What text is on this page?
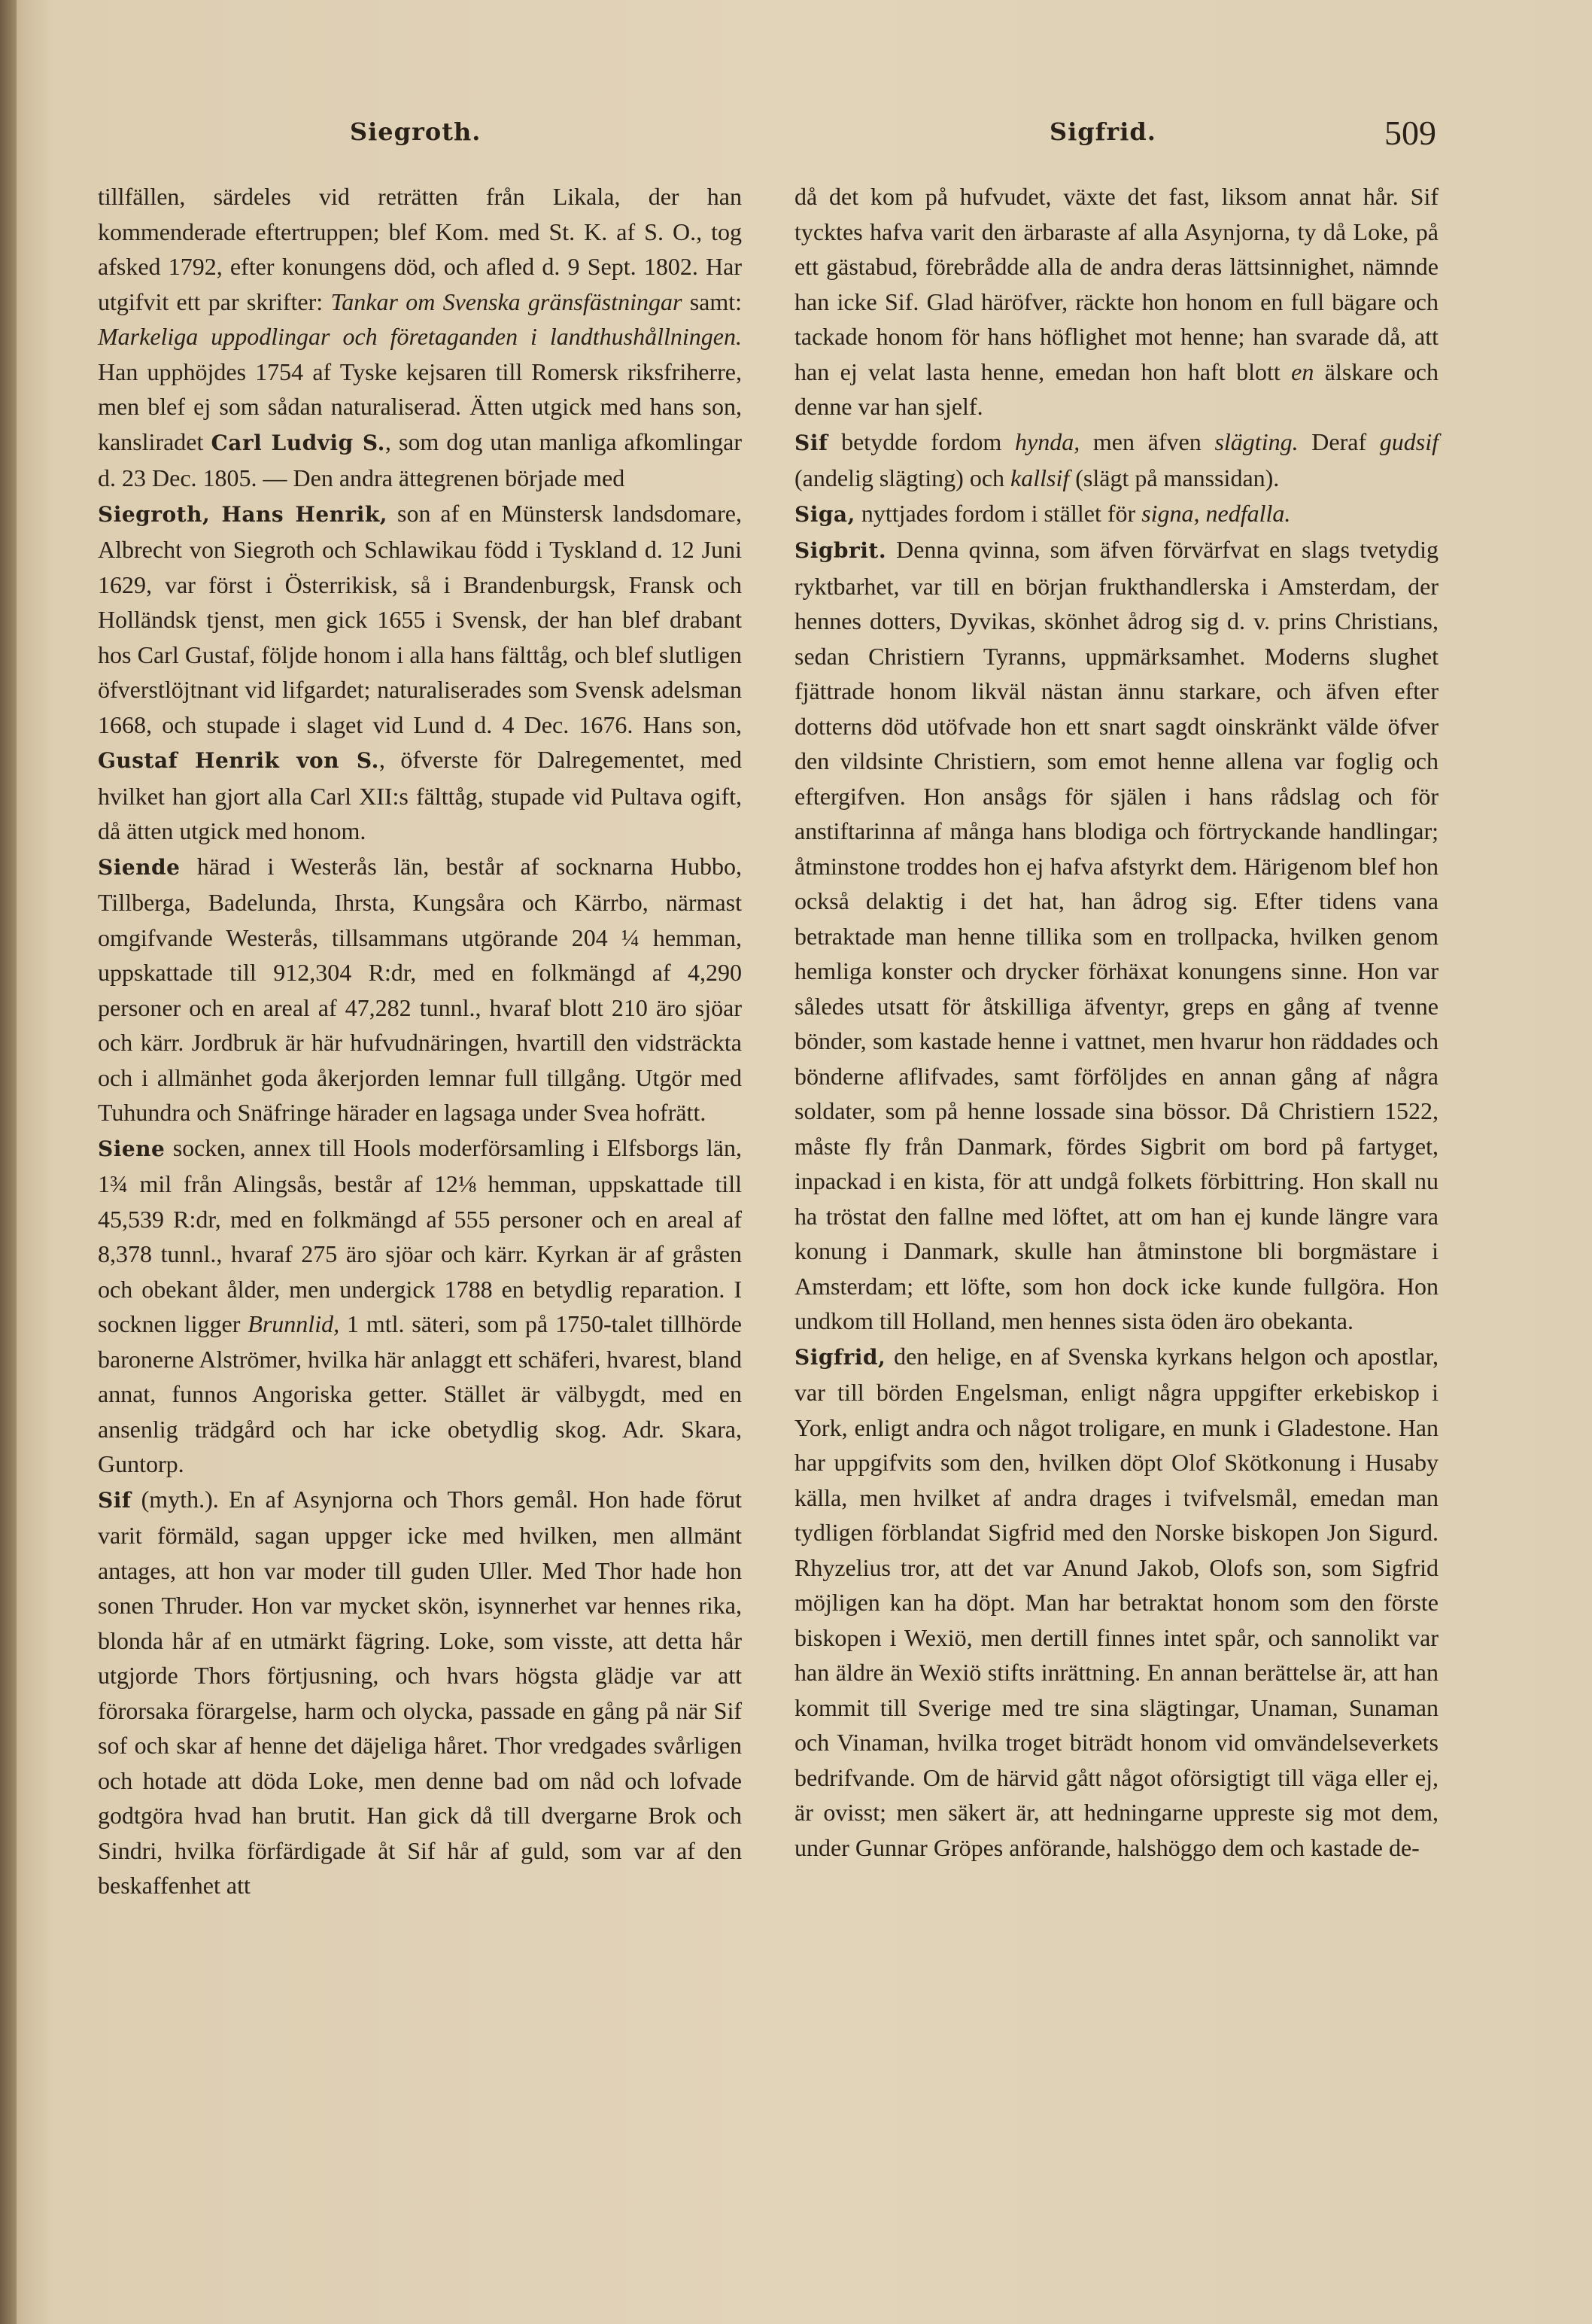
Siegroth.	Sigfrid.	509

tillfällen, särdeles vid reträtten från Likala, der han kommenderade eftertruppen; blef Kom. med St. K. af S. O., tog afsked 1792, efter konungens död, och afled d. 9 Sept. 1802. Har utgifvit ett par skrifter: Tankar om Svenska gränsfästningar samt: Markeliga uppodlingar och företaganden i landthushållningen. Han upphöjdes 1754 af Tyske kejsaren till Romersk riksfriherre, men blef ej som sådan naturaliserad. Ätten utgick med hans son, kansliradet Carl Ludvig S., som dog utan manliga afkomlingar d. 23 Dec. 1805. — Den andra ättegrenen började med

Siegroth, Hans Henrik, son af en Münstersk landsdomare, Albrecht von Siegroth och Schlawikau född i Tyskland d. 12 Juni 1629, var först i Österrikisk, så i Brandenburgsk, Fransk och Holländsk tjenst, men gick 1655 i Svensk, der han blef drabant hos Carl Gustaf, följde honom i alla hans fälttåg, och blef slutligen öfverstlöjtnant vid lifgardet; naturaliserades som Svensk adelsman 1668, och stupade i slaget vid Lund d. 4 Dec. 1676. Hans son, Gustaf Henrik von S., öfverste för Dalregementet, med hvilket han gjort alla Carl XII:s fälttåg, stupade vid Pultava ogift, då ätten utgick med honom.

Siende härad i Westerås län, består af socknarna Hubbo, Tillberga, Badelunda, Ihrsta, Kungsåra och Kärrbo, närmast omgifvande Westerås, tillsammans utgörande 204 ¼ hemman, uppskattade till 912,304 R:dr, med en folkmängd af 4,290 personer och en areal af 47,282 tunnl., hvaraf blott 210 äro sjöar och kärr. Jordbruk är här hufvudnäringen, hvartill den vidsträckta och i allmänhet goda åkerjorden lemnar full tillgång. Utgör med Tuhundra och Snäfringe härader en lagsaga under Svea hofrätt.

Siene socken, annex till Hools moderförsamling i Elfsborgs län, 1¾ mil från Alingsås, består af 12⅛ hemman, uppskattade till 45,539 R:dr, med en folkmängd af 555 personer och en areal af 8,378 tunnl., hvaraf 275 äro sjöar och kärr. Kyrkan är af gråsten och obekant ålder, men undergick 1788 en betydlig reparation. I socknen ligger Brunnlid, 1 mtl. säteri, som på 1750-talet tillhörde baronerne Alströmer, hvilka här anlaggt ett schäferi, hvarest, bland annat, funnos Angoriska getter. Stället är välbygdt, med en ansenlig trädgård och har icke obetydlig skog. Adr. Skara, Guntorp.

Sif (myth.). En af Asynjorna och Thors gemål. Hon hade förut varit förmäld, sagan uppger icke med hvilken, men allmänt antages, att hon var moder till guden Uller. Med Thor hade hon sonen Thruder. Hon var mycket skön, isynnerhet var hennes rika, blonda hår af en utmärkt fägring. Loke, som visste, att detta hår utgjorde Thors förtjusning, och hvars högsta glädje var att förorsaka förargelse, harm och olycka, passade en gång på när Sif sof och skar af henne det däjeliga håret. Thor vredgades svårligen och hotade att döda Loke, men denne bad om nåd och lofvade godtgöra hvad han brutit. Han gick då till dvergarne Brok och Sindri, hvilka förfärdigade åt Sif hår af guld, som var af den beskaffenhet att

då det kom på hufvudet, växte det fast, liksom annat hår. Sif tycktes hafva varit den ärbaraste af alla Asynjorna, ty då Loke, på ett gästabud, förebrådde alla de andra deras lättsinnighet, nämnde han icke Sif. Glad häröfver, räckte hon honom en full bägare och tackade honom för hans höflighet mot henne; han svarade då, att han ej velat lasta henne, emedan hon haft blott en älskare och denne var han sjelf.

Sif betydde fordom hynda, men äfven slägting. Deraf gudsif (andelig slägting) och kallsif (slägt på manssidan).

Siga, nyttjades fordom i stället för signa, nedfalla.

Sigbrit. Denna qvinna, som äfven förvärfvat en slags tvetydig ryktbarhet, var till en början frukthandlerska i Amsterdam, der hennes dotters, Dyvikas, skönhet ådrog sig d. v. prins Christians, sedan Christiern Tyranns, uppmärksamhet. Moderns slughet fjättrade honom likväl nästan ännu starkare, och äfven efter dotterns död utöfvade hon ett snart sagdt oinskränkt välde öfver den vildsinte Christiern, som emot henne allena var foglig och eftergifven. Hon ansågs för själen i hans rådslag och för anstiftarinna af många hans blodiga och förtryckande handlingar; åtminstone troddes hon ej hafva afstyrkt dem. Härigenom blef hon också delaktig i det hat, han ådrog sig. Efter tidens vana betraktade man henne tillika som en trollpacka, hvilken genom hemliga konster och drycker förhäxat konungens sinne. Hon var således utsatt för åtskilliga äfventyr, greps en gång af tvenne bönder, som kastade henne i vattnet, men hvarur hon räddades och bönderne aflifvades, samt förföljdes en annan gång af några soldater, som på henne lossade sina bössor. Då Christiern 1522, måste fly från Danmark, fördes Sigbrit om bord på fartyget, inpackad i en kista, för att undgå folkets förbittring. Hon skall nu ha tröstat den fallne med löftet, att om han ej kunde längre vara konung i Danmark, skulle han åtminstone bli borgmästare i Amsterdam; ett löfte, som hon dock icke kunde fullgöra. Hon undkom till Holland, men hennes sista öden äro obekanta.

Sigfrid, den helige, en af Svenska kyrkans helgon och apostlar, var till börden Engelsman, enligt några uppgifter erkebiskop i York, enligt andra och något troligare, en munk i Gladestone. Han har uppgifvits som den, hvilken döpt Olof Skötkonung i Husaby källa, men hvilket af andra drages i tvifvelsmål, emedan man tydligen förblandat Sigfrid med den Norske biskopen Jon Sigurd. Rhyzelius tror, att det var Anund Jakob, Olofs son, som Sigfrid möjligen kan ha döpt. Man har betraktat honom som den förste biskopen i Wexiö, men dertill finnes intet spår, och sannolikt var han äldre än Wexiö stifts inrättning. En annan berättelse är, att han kommit till Sverige med tre sina slägtingar, Unaman, Sunaman och Vinaman, hvilka troget biträdt honom vid omvändelseverkets bedrifvande. Om de härvid gått något oförsigtigt till väga eller ej, är ovisst; men säkert är, att hedningarne uppreste sig mot dem, under Gunnar Gröpes anförande, halshöggo dem och kastade de-
